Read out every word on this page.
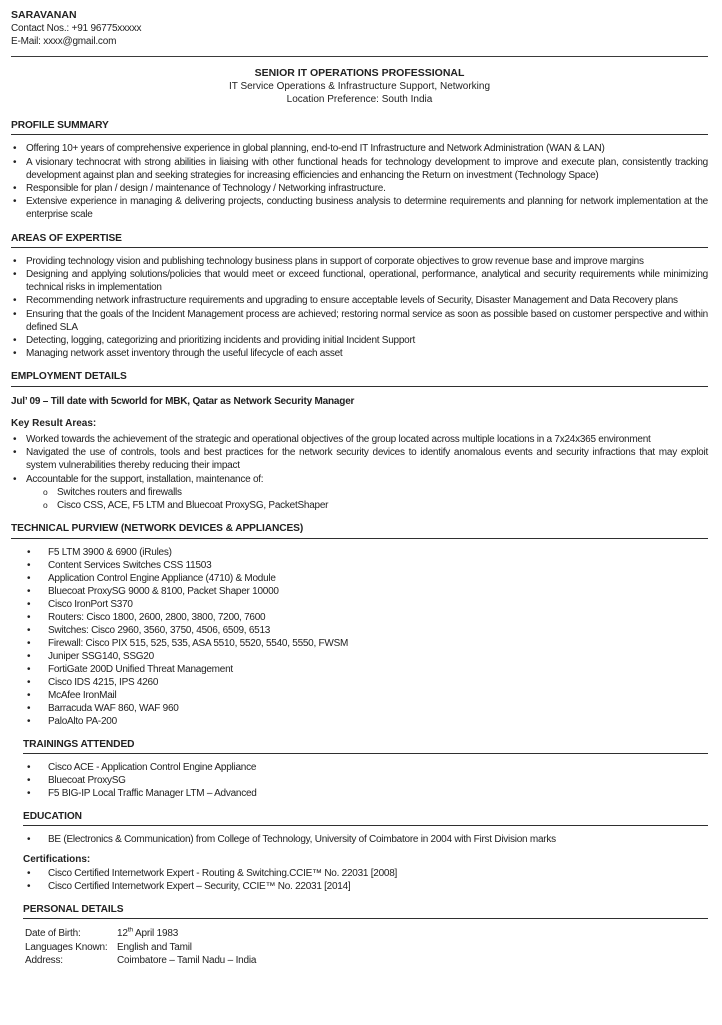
SARAVANAN
Contact Nos.: +91 96775xxxxx
E-Mail: xxxx@gmail.com
SENIOR IT OPERATIONS PROFESSIONAL
IT Service Operations & Infrastructure Support, Networking
Location Preference: South India
PROFILE SUMMARY
• Offering 10+ years of comprehensive experience in global planning, end-to-end IT Infrastructure and Network Administration (WAN & LAN)
• A visionary technocrat with strong abilities in liaising with other functional heads for technology development to improve and execute plan, consistently tracking development against plan and seeking strategies for increasing efficiencies and enhancing the Return on investment (Technology Space)
• Responsible for plan / design / maintenance of Technology / Networking infrastructure.
• Extensive experience in managing & delivering projects, conducting business analysis to determine requirements and planning for network implementation at the enterprise scale
AREAS OF EXPERTISE
• Providing technology vision and publishing technology business plans in support of corporate objectives to grow revenue base and improve margins
• Designing and applying solutions/policies that would meet or exceed functional, operational, performance, analytical and security requirements while minimizing technical risks in implementation
• Recommending network infrastructure requirements and upgrading to ensure acceptable levels of Security, Disaster Management and Data Recovery plans
• Ensuring that the goals of the Incident Management process are achieved; restoring normal service as soon as possible based on customer perspective and within defined SLA
• Detecting, logging, categorizing and prioritizing incidents and providing initial Incident Support
• Managing network asset inventory through the useful lifecycle of each asset
EMPLOYMENT DETAILS
Jul’ 09 – Till date with 5cworld for MBK, Qatar as Network Security Manager
Key Result Areas:
• Worked towards the achievement of the strategic and operational objectives of the group located across multiple locations in a 7x24x365 environment
• Navigated the use of controls, tools and best practices for the network security devices to identify anomalous events and security infractions that may exploit system vulnerabilities thereby reducing their impact
• Accountable for the support, installation, maintenance of:
o Switches routers and firewalls
o Cisco CSS, ACE, F5 LTM and Bluecoat ProxySG, PacketShaper
TECHNICAL PURVIEW (NETWORK DEVICES & APPLIANCES)
•	F5 LTM 3900 & 6900 (iRules)
•	Content Services Switches CSS 11503
•	Application Control Engine Appliance (4710) & Module
•	Bluecoat ProxySG 9000 & 8100, Packet Shaper 10000
•	Cisco IronPort S370
•	Routers: Cisco 1800, 2600, 2800, 3800, 7200, 7600
•	Switches: Cisco 2960, 3560, 3750, 4506, 6509, 6513
•	Firewall: Cisco PIX 515, 525, 535, ASA 5510, 5520, 5540, 5550, FWSM
•	Juniper SSG140, SSG20
•	FortiGate 200D Unified Threat Management
•	Cisco IDS 4215, IPS 4260
•	McAfee IronMail
•	Barracuda WAF 860, WAF 960
•	PaloAlto PA-200
TRAININGS ATTENDED
•	Cisco ACE - Application Control Engine Appliance
•	Bluecoat ProxySG
•	F5 BIG-IP Local Traffic Manager LTM – Advanced
EDUCATION
•	BE (Electronics & Communication) from College of Technology, University of Coimbatore in 2004 with First Division marks
Certifications:
•	Cisco Certified Internetwork Expert - Routing & Switching.CCIE™ No. 22031 [2008]
•	Cisco Certified Internetwork Expert – Security, CCIE™ No. 22031 [2014]
PERSONAL DETAILS
Date of Birth:	12th April 1983
Languages Known: English and Tamil
Address:	Coimbatore – Tamil Nadu – India
